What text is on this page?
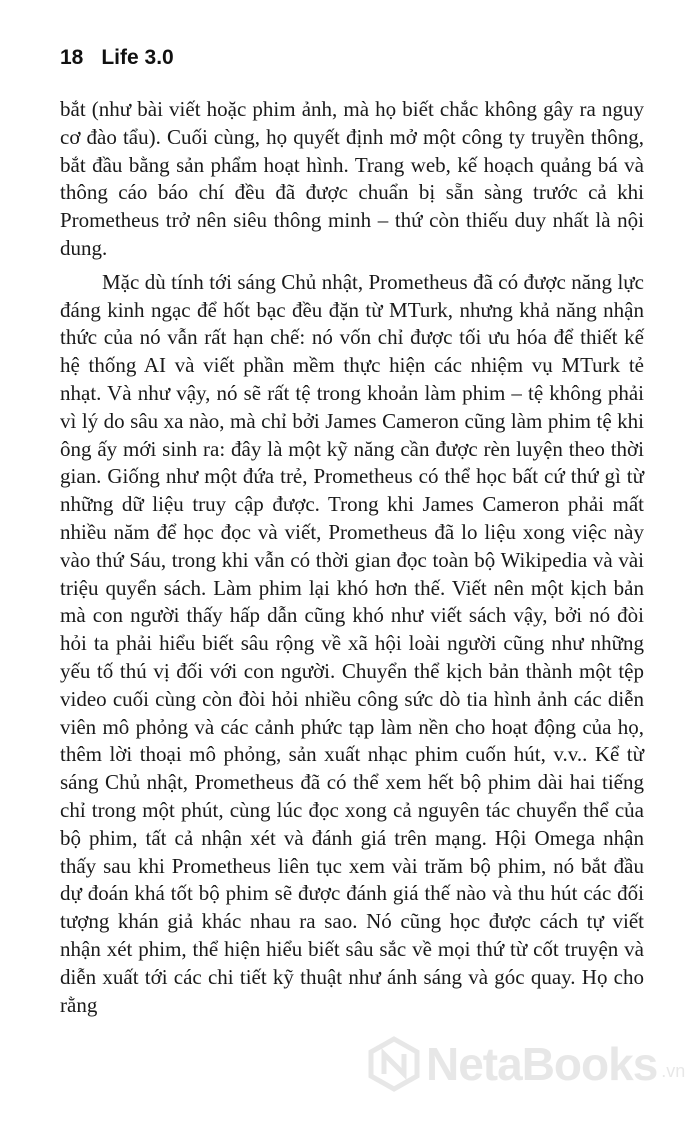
18 Life 3.0

bắt (như bài viết hoặc phim ảnh, mà họ biết chắc không gây ra nguy cơ đào tẩu). Cuối cùng, họ quyết định mở một công ty truyền thông, bắt đầu bằng sản phẩm hoạt hình. Trang web, kế hoạch quảng bá và thông cáo báo chí đều đã được chuẩn bị sẵn sàng trước cả khi Prometheus trở nên siêu thông minh – thứ còn thiếu duy nhất là nội dung.

Mặc dù tính tới sáng Chủ nhật, Prometheus đã có được năng lực đáng kinh ngạc để hốt bạc đều đặn từ MTurk, nhưng khả năng nhận thức của nó vẫn rất hạn chế: nó vốn chỉ được tối ưu hóa để thiết kế hệ thống AI và viết phần mềm thực hiện các nhiệm vụ MTurk tẻ nhạt. Và như vậy, nó sẽ rất tệ trong khoản làm phim – tệ không phải vì lý do sâu xa nào, mà chỉ bởi James Cameron cũng làm phim tệ khi ông ấy mới sinh ra: đây là một kỹ năng cần được rèn luyện theo thời gian. Giống như một đứa trẻ, Prometheus có thể học bất cứ thứ gì từ những dữ liệu truy cập được. Trong khi James Cameron phải mất nhiều năm để học đọc và viết, Prometheus đã lo liệu xong việc này vào thứ Sáu, trong khi vẫn có thời gian đọc toàn bộ Wikipedia và vài triệu quyển sách. Làm phim lại khó hơn thế. Viết nên một kịch bản mà con người thấy hấp dẫn cũng khó như viết sách vậy, bởi nó đòi hỏi ta phải hiểu biết sâu rộng về xã hội loài người cũng như những yếu tố thú vị đối với con người. Chuyển thể kịch bản thành một tệp video cuối cùng còn đòi hỏi nhiều công sức dò tia hình ảnh các diễn viên mô phỏng và các cảnh phức tạp làm nền cho hoạt động của họ, thêm lời thoại mô phỏng, sản xuất nhạc phim cuốn hút, v.v.. Kể từ sáng Chủ nhật, Prometheus đã có thể xem hết bộ phim dài hai tiếng chỉ trong một phút, cùng lúc đọc xong cả nguyên tác chuyển thể của bộ phim, tất cả nhận xét và đánh giá trên mạng. Hội Omega nhận thấy sau khi Prometheus liên tục xem vài trăm bộ phim, nó bắt đầu dự đoán khá tốt bộ phim sẽ được đánh giá thế nào và thu hút các đối tượng khán giả khác nhau ra sao. Nó cũng học được cách tự viết nhận xét phim, thể hiện hiểu biết sâu sắc về mọi thứ từ cốt truyện và diễn xuất tới các chi tiết kỹ thuật như ánh sáng và góc quay. Họ cho rằng

NetaBooks .vn
